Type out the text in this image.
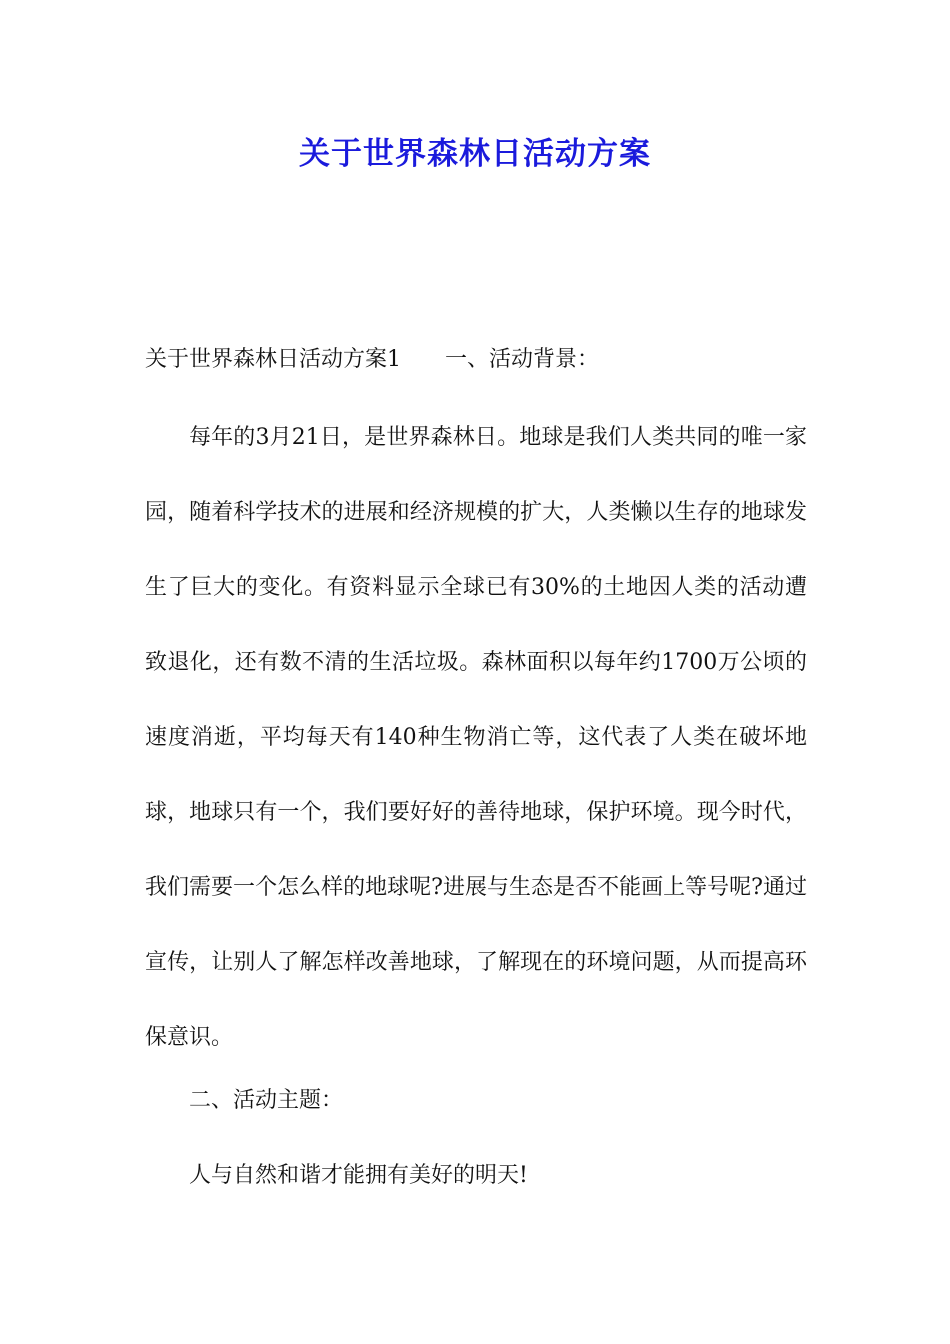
关于世界森林日活动方案
关于世界森林日活动方案1 一、活动背景：
每年的3月21日，是世界森林日。地球是我们人类共同的唯一家园，随着科学技术的进展和经济规模的扩大，人类懒以生存的地球发生了巨大的变化。有资料显示全球已有30%的土地因人类的活动遭致退化，还有数不清的生活垃圾。森林面积以每年约1700万公顷的速度消逝，平均每天有140种生物消亡等，这代表了人类在破坏地球，地球只有一个，我们要好好的善待地球，保护环境。现今时代，我们需要一个怎么样的地球呢?进展与生态是否不能画上等号呢?通过宣传，让别人了解怎样改善地球，了解现在的环境问题，从而提高环保意识。
二、活动主题：
人与自然和谐才能拥有美好的明天!
